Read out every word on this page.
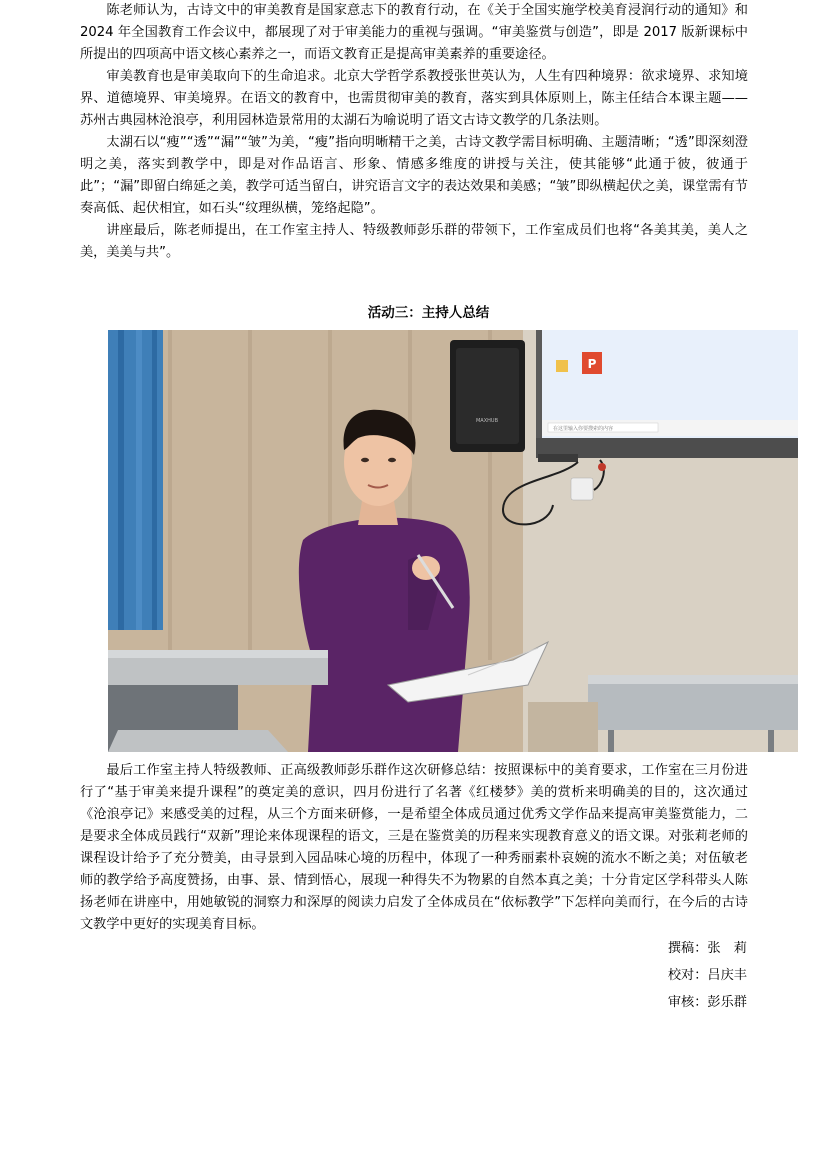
陈老师认为，古诗文中的审美教育是国家意志下的教育行动，在《关于全国实施学校美育浸润行动的通知》和 2024 年全国教育工作会议中，都展现了对于审美能力的重视与强调。“审美鉴赏与创造”，即是 2017 版新课标中所提出的四项高中语文核心素养之一，而语文教育正是提高审美素养的重要途径。

审美教育也是审美取向下的生命追求。北京大学哲学系教授张世英认为，人生有四种境界：欲求境界、求知境界、道德境界、审美境界。在语文的教育中，也需贯彻审美的教育，落实到具体原则上，陈主任结合本课主题——苏州古典园林沧浪亭，利用园林造景常用的太湖石为喻说明了语文古诗文教学的几条法则。

太湖石以“瘦”“透”“漏”“皱”为美，“瘦”指向明晰精干之美，古诗文教学需目标明确、主题清晰；“透”即深刻澄明之美，落实到教学中，即是对作品语言、形象、情感多维度的讲授与关注，使其能够“此通于彼，彼通于此”；“漏”即留白绵延之美，教学可适当留白，讲究语言文字的表达效果和美感；“皱”即纵横起伏之美，课堂需有节奏高低、起伏相宜，如石头“纹理纵横，笼络起隐”。

讲座最后，陈老师提出，在工作室主持人、特级教师彭乐群的带领下，工作室成员们也将“各美其美，美人之美，美美与共”。

活动三：主持人总结
MAXHUB
在这里输入你要搜索的内容
P

最后工作室主持人特级教师、正高级教师彭乐群作这次研修总结：按照课标中的美育要求，工作室在三月份进行了“基于审美来提升课程”的奠定美的意识，四月份进行了名著《红楼梦》美的赏析来明确美的目的，这次通过《沧浪亭记》来感受美的过程，从三个方面来研修，一是希望全体成员通过优秀文学作品来提高审美鉴赏能力，二是要求全体成员践行“双新”理论来体现课程的语文，三是在鉴赏美的历程来实现教育意义的语文课。对张莉老师的课程设计给予了充分赞美，由寻景到入园品味心境的历程中，体现了一种秀丽素朴哀婉的流水不断之美；对伍敏老师的教学给予高度赞扬，由事、景、情到悟心，展现一种得失不为物累的自然本真之美；十分肯定区学科带头人陈扬老师在讲座中，用她敏锐的洞察力和深厚的阅读力启发了全体成员在“依标教学”下怎样向美而行，在今后的古诗文教学中更好的实现美育目标。

撰稿：张　莉

校对：吕庆丰

审核：彭乐群
